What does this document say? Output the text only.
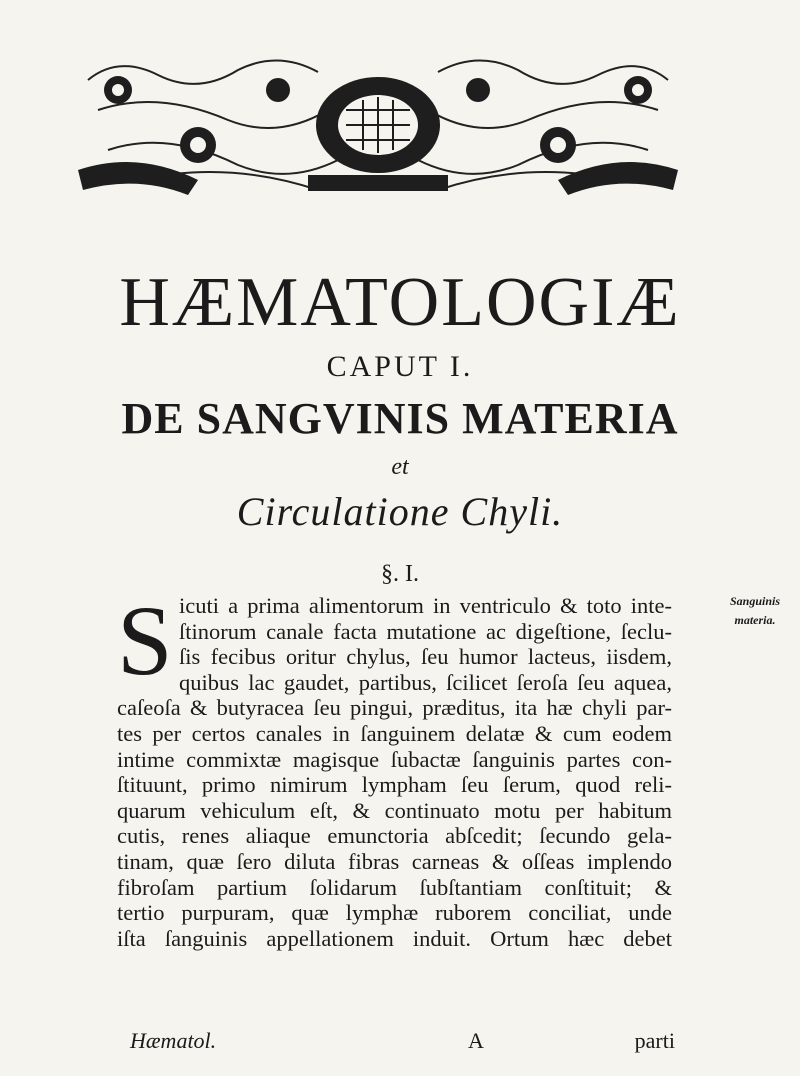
HÆMATOLOGIÆ
CAPUT I.
DE SANGVINIS MATERIA
et
Circulatione Chyli.
§. I.
S icuti a prima alimentorum in ventriculo & toto inte-
ſtinorum canale facta mutatione ac digeſtione, ſeclu-
ſis fecibus oritur chylus, ſeu humor lacteus, iisdem,
quibus lac gaudet, partibus, ſcilicet ſeroſa ſeu aquea,
caſeoſa & butyracea ſeu pingui, præditus, ita hæ chyli par-
tes per certos canales in ſanguinem delatæ & cum eodem
intime commixtæ magisque ſubactæ ſanguinis partes con-
ſtituunt, primo nimirum lympham ſeu ſerum, quod reli-
quarum vehiculum eſt, & continuato motu per habitum
cutis, renes aliaque emunctoria abſcedit; ſecundo gela-
tinam, quæ ſero diluta fibras carneas & oſſeas implendo
fibroſam partium ſolidarum ſubſtantiam conſtituit; &
tertio purpuram, quæ lymphæ ruborem conciliat, unde
iſta ſanguinis appellationem induit. Ortum hæc debet
Sanguinis
materia.
Hæmatol.	A	parti
